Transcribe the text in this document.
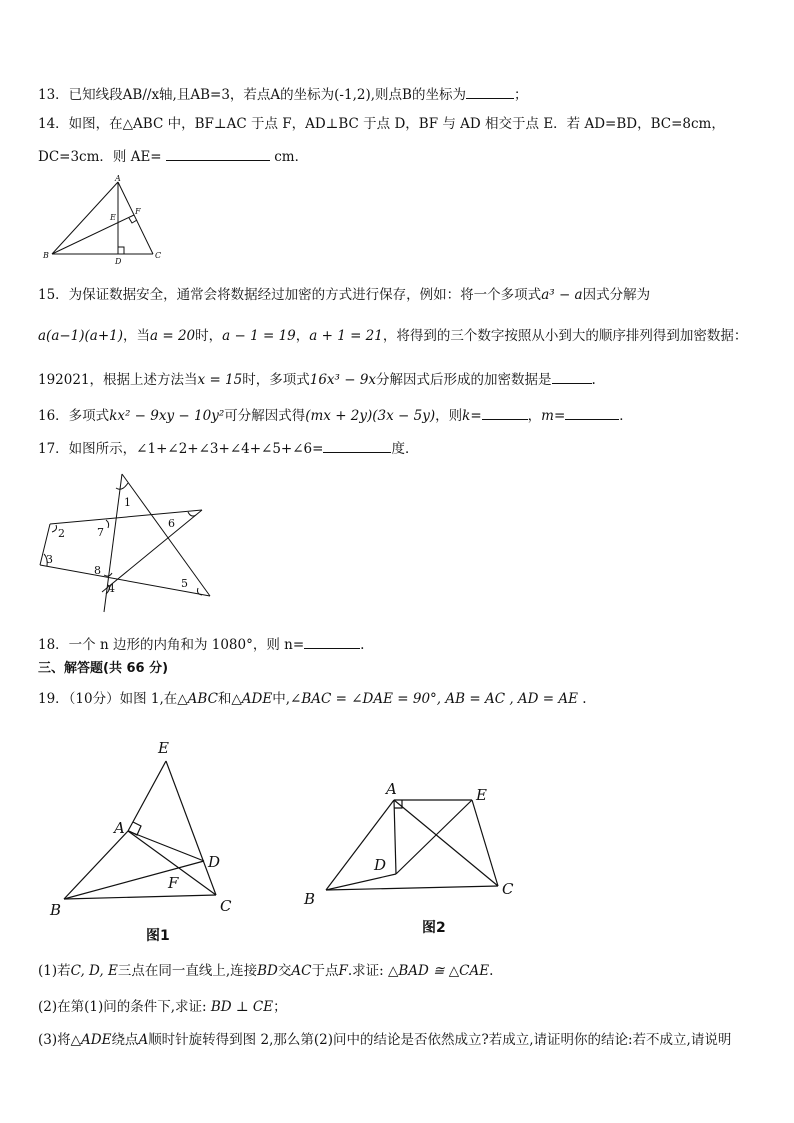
13．已知线段AB//x轴,且AB=3，若点A的坐标为(-1,2),则点B的坐标为	；
14．如图，在△ABC 中，BF⊥AC 于点 F，AD⊥BC 于点 D，BF 与 AD 相交于点 E．若 AD=BD，BC=8cm，
DC=3cm．则 AE=	cm．
A
B	C
D
E
F
15．为保证数据安全，通常会将数据经过加密的方式进行保存，例如：将一个多项式a³ − a因式分解为
a(a−1)(a+1)，当a = 20时，a − 1 = 19，a + 1 = 21，将得到的三个数字按照从小到大的顺序排列得到加密数据：
192021，根据上述方法当x = 15时，多项式16x³ − 9x分解因式后形成的加密数据是	.
16．多项式kx² − 9xy − 10y²可分解因式得(mx + 2y)(3x − 5y)，则k=	，m=	．
17．如图所示，∠1+∠2+∠3+∠4+∠5+∠6=	度．
1
2
3
4	5
6
7
8
18．一个 n 边形的内角和为 1080°，则 n=	.
三、解答题(共 66 分)
19．（10分）如图 1,在△ABC和△ADE中,∠BAC = ∠DAE = 90°, AB = AC , AD = AE .
E
A
D
F
B	C
图1
A	E
D
B
C
图2
(1)若C, D, E三点在同一直线上,连接BD交AC于点F.求证: △BAD ≅ △CAE.
(2)在第(1)问的条件下,求证: BD ⊥ CE；
(3)将△ADE绕点A顺时针旋转得到图 2,那么第(2)问中的结论是否依然成立?若成立,请证明你的结论:若不成立,请说明
